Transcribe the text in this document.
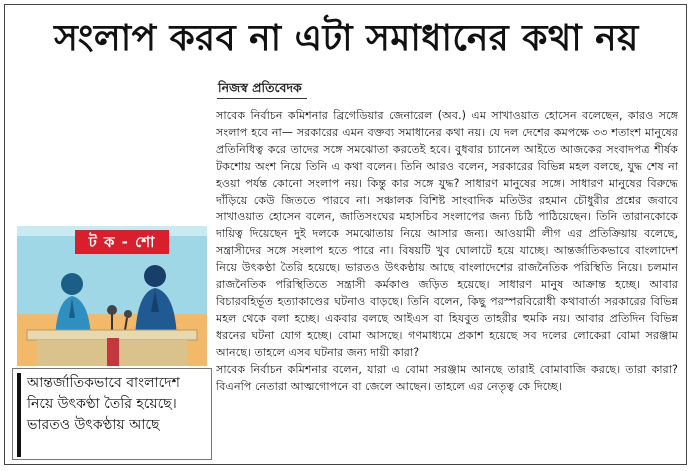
সংলাপ করব না এটা সমাধানের কথা নয়
নিজস্ব প্রতিবেদক

সাবেক নির্বাচন কমিশনার ব্রিগেডিয়ার জেনারেল (অব.) এম সাখাওয়াত হোসেন বলেছেন, কারও সঙ্গে সংলাপ হবে না— সরকারের এমন বক্তব্য সমাধানের কথা নয়। যে দল দেশের কমপক্ষে ৩৩ শতাংশ মানুষের প্রতিনিধিত্ব করে তাদের সঙ্গে সমঝোতা করতেই হবে। বুধবার চ্যানেল আইতে আজকের সংবাদপত্র শীর্ষক টকশোয় অংশ নিয়ে তিনি এ কথা বলেন। তিনি আরও বলেন, সরকারের বিভিন্ন মহল বলছে, যুদ্ধ শেষ না হওয়া পর্যন্ত কোনো সংলাপ নয়। কিন্তু কার সঙ্গে যুদ্ধ? সাধারণ মানুষের সঙ্গে। সাধারণ মানুষের বিরুদ্ধে দাঁড়িয়ে কেউ জিততে পারবে না। সঞ্চালক বিশিষ্ট সাংবাদিক মতিউর রহমান চৌধুরীর প্রশ্নের জবাবে সাখাওয়াত হোসেন বলেন, জাতিসংঘের মহাসচিব সংলাপের জন্য চিঠি পাঠিয়েছেন। তিনি তারানকোকে দায়িত্ব দিয়েছেন দুই দলকে সমঝোতায় নিয়ে আসার জন্য। আওয়ামী লীগ এর প্রতিক্রিয়ায় বলেছে, সন্ত্রাসীদের সঙ্গে সংলাপ হতে পারে না। বিষয়টি খুব ঘোলাটে হয়ে যাচ্ছে। আন্তর্জাতিকভাবে বাংলাদেশ নিয়ে উৎকণ্ঠা তৈরি হয়েছে। ভারতও উৎকণ্ঠায় আছে বাংলাদেশের রাজনৈতিক পরিস্থিতি নিয়ে। চলমান রাজনৈতিক পরিস্থিতিতে সন্ত্রাসী কর্মকাণ্ড জড়িত হয়েছে। সাধারণ মানুষ আক্রান্ত হচ্ছে। আবার বিচারবহির্ভূত হত্যাকাণ্ডের ঘটনাও বাড়ছে। তিনি বলেন, কিছু পরস্পরবিরোধী কথাবার্তা সরকারের বিভিন্ন মহল থেকে বলা হচ্ছে। একবার বলছে আইএস বা হিযবুত তাহরীর হুমকি নয়। আবার প্রতিদিন বিভিন্ন ধরনের ঘটনা যোগ হচ্ছে। বোমা আসছে। গণমাধ্যমে প্রকাশ হয়েছে সব দলের লোকেরা বোমা সরঞ্জাম আনছে। তাহলে এসব ঘটনার জন্য দায়ী কারা?

সাবেক নির্বাচন কমিশনার বলেন, যারা এ বোমা সরঞ্জাম আনছে তারাই বোমাবাজি করছে। তারা কারা? বিএনপি নেতারা আত্মগোপনে বা জেলে আছেন। তাহলে এর নেতৃত্ব কে দিচ্ছে।

ট ক - শো
আন্তর্জাতিকভাবে বাংলাদেশ
নিয়ে উৎকণ্ঠা তৈরি হয়েছে।
ভারতও উৎকণ্ঠায় আছে
